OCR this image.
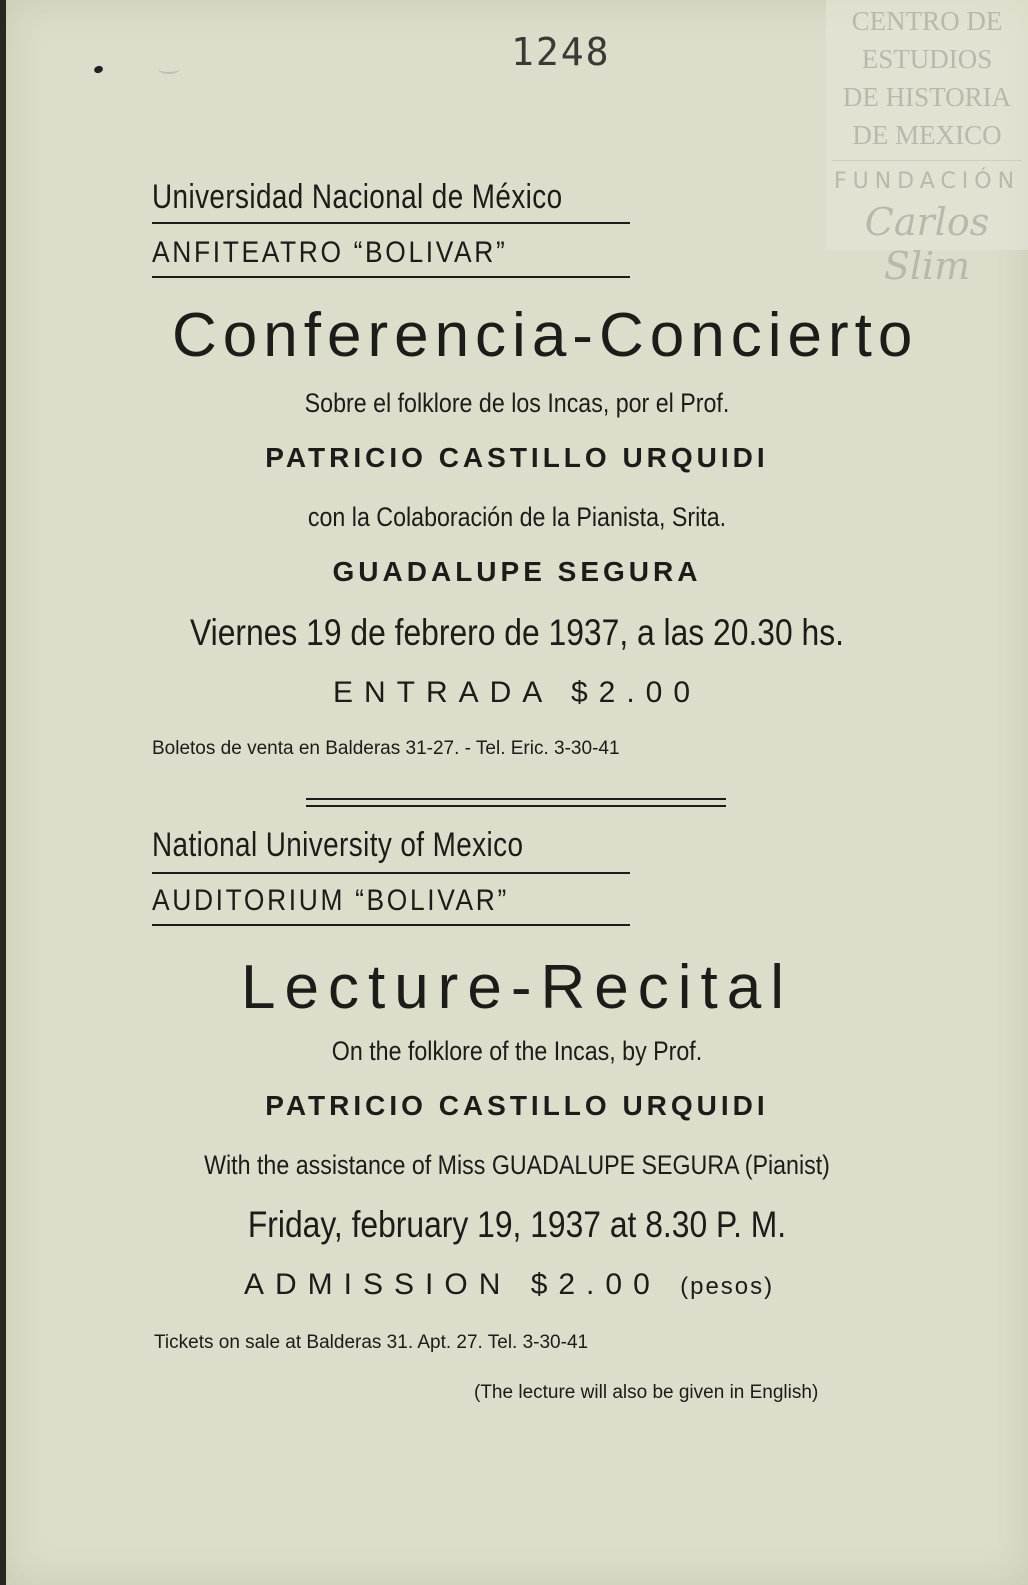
1248
CENTRO DE
ESTUDIOS
DE HISTORIA
DE MEXICO
FUNDACIÓN
Carlos Slim
Universidad Nacional de México
ANFITEATRO “BOLIVAR”
Conferencia-Concierto
Sobre el folklore de los Incas, por el Prof.
PATRICIO CASTILLO URQUIDI
con la Colaboración de la Pianista, Srita.
GUADALUPE SEGURA
Viernes 19 de febrero de 1937, a las 20.30 hs.
ENTRADA $2.00
Boletos de venta en Balderas 31-27. - Tel. Eric. 3-30-41
National University of Mexico
AUDITORIUM “BOLIVAR”
Lecture-Recital
On the folklore of the Incas, by Prof.
PATRICIO CASTILLO URQUIDI
With the assistance of Miss GUADALUPE SEGURA (Pianist)
Friday, february 19, 1937 at 8.30 P. M.
ADMISSION $2.00 (pesos)
Tickets on sale at Balderas 31. Apt. 27. Tel. 3-30-41
(The lecture will also be given in English)
